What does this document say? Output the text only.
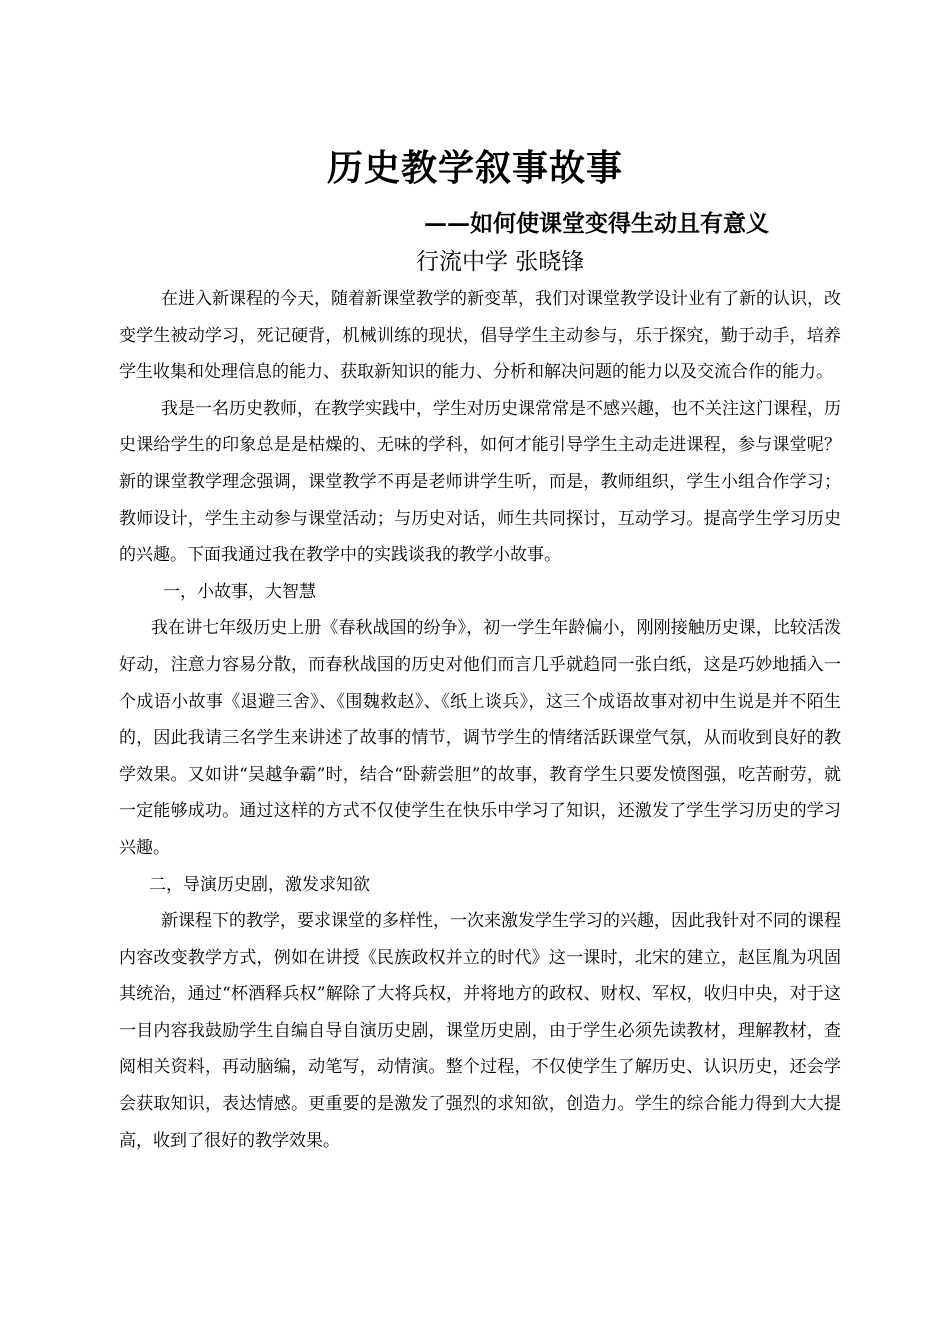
历史教学叙事故事
——如何使课堂变得生动且有意义
行流中学 张晓锋

在进入新课程的今天，随着新课堂教学的新变革，我们对课堂教学设计业有了新的认识，改变学生被动学习，死记硬背，机械训练的现状，倡导学生主动参与，乐于探究，勤于动手，培养学生收集和处理信息的能力、获取新知识的能力、分析和解决问题的能力以及交流合作的能力。

我是一名历史教师，在教学实践中，学生对历史课常常是不感兴趣，也不关注这门课程，历史课给学生的印象总是是枯燥的、无味的学科，如何才能引导学生主动走进课程，参与课堂呢？新的课堂教学理念强调，课堂教学不再是老师讲学生听，而是，教师组织，学生小组合作学习；教师设计，学生主动参与课堂活动；与历史对话，师生共同探讨，互动学习。提高学生学习历史的兴趣。下面我通过我在教学中的实践谈我的教学小故事。

一，小故事，大智慧

我在讲七年级历史上册《春秋战国的纷争》，初一学生年龄偏小，刚刚接触历史课，比较活泼好动，注意力容易分散，而春秋战国的历史对他们而言几乎就趋同一张白纸，这是巧妙地插入一个成语小故事《退避三舍》、《围魏救赵》、《纸上谈兵》，这三个成语故事对初中生说是并不陌生的，因此我请三名学生来讲述了故事的情节，调节学生的情绪活跃课堂气氛，从而收到良好的教学效果。又如讲“吴越争霸”时，结合“卧薪尝胆”的故事，教育学生只要发愤图强，吃苦耐劳，就一定能够成功。通过这样的方式不仅使学生在快乐中学习了知识，还激发了学生学习历史的学习兴趣。

二，导演历史剧，激发求知欲

新课程下的教学，要求课堂的多样性，一次来激发学生学习的兴趣，因此我针对不同的课程内容改变教学方式，例如在讲授《民族政权并立的时代》这一课时，北宋的建立，赵匡胤为巩固其统治，通过“杯酒释兵权”解除了大将兵权，并将地方的政权、财权、军权，收归中央，对于这一目内容我鼓励学生自编自导自演历史剧，课堂历史剧，由于学生必须先读教材，理解教材，查阅相关资料，再动脑编，动笔写，动情演。整个过程，不仅使学生了解历史、认识历史，还会学会获取知识，表达情感。更重要的是激发了强烈的求知欲，创造力。学生的综合能力得到大大提高，收到了很好的教学效果。
